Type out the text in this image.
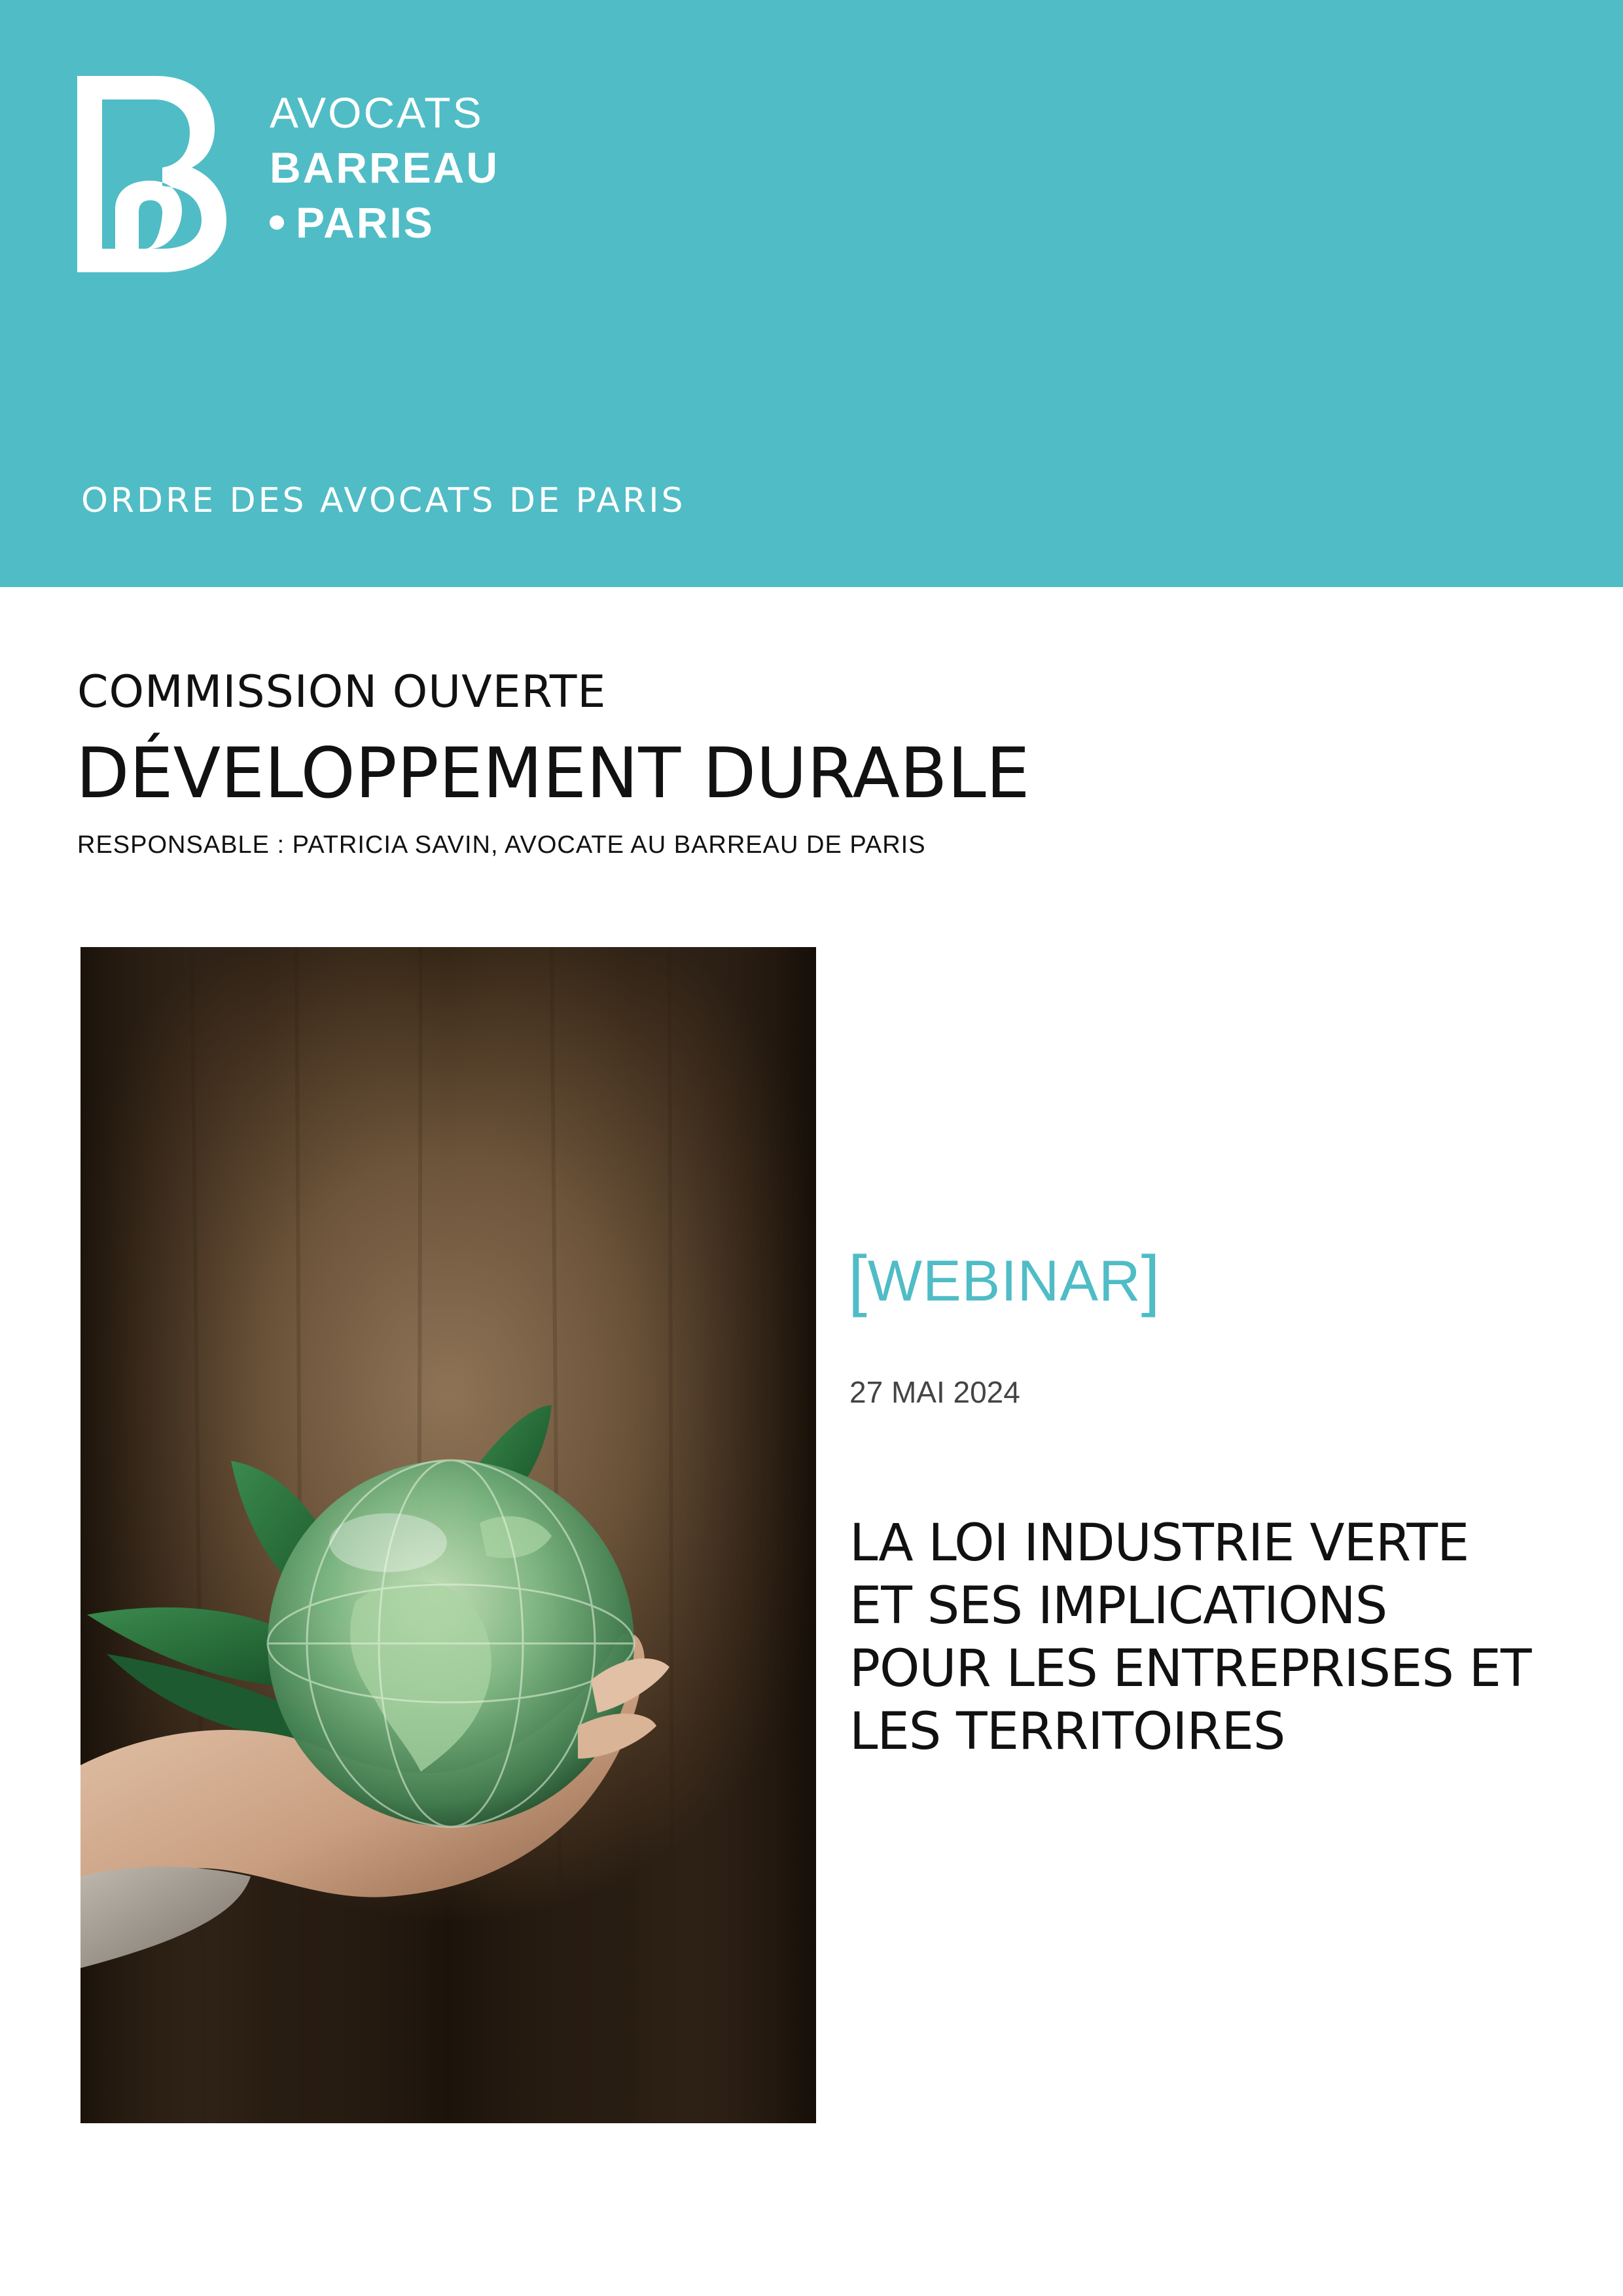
AVOCATS
BARREAU
PARIS
ORDRE DES AVOCATS DE PARIS
COMMISSION OUVERTE
DÉVELOPPEMENT DURABLE
RESPONSABLE : PATRICIA SAVIN, AVOCATE AU BARREAU DE PARIS
[WEBINAR]
27 MAI 2024
LA LOI INDUSTRIE VERTE
ET SES IMPLICATIONS
POUR LES ENTREPRISES ET
LES TERRITOIRES
